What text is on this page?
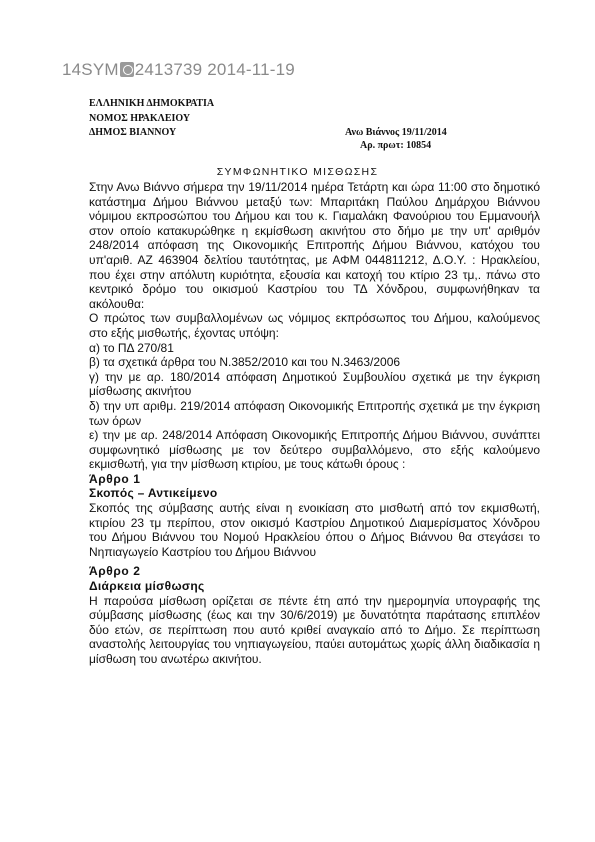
14SYM 2413739 2014-11-19
ΕΛΛΗΝΙΚΗ ΔΗΜΟΚΡΑΤΙΑ
ΝΟΜΟΣ ΗΡΑΚΛΕΙΟΥ
ΔΗΜΟΣ ΒΙΑΝΝΟΥ	Ανω Βιάννος 19/11/2014
Αρ. πρωτ: 10854
ΣΥΜΦΩΝΗΤΙΚΟ ΜΙΣΘΩΣΗΣ

Στην Ανω Βιάννο σήμερα την 19/11/2014 ημέρα Τετάρτη και ώρα 11:00 στο δημοτικό κατάστημα Δήμου Βιάννου μεταξύ των: Μπαριτάκη Παύλου Δημάρχου Βιάννου νόμιμου εκπροσώπου του Δήμου και του κ. Γιαμαλάκη Φανούριου του Εμμανουήλ στον οποίο κατακυρώθηκε η εκμίσθωση ακινήτου στο δήμο με την υπ' αριθμόν 248/2014 απόφαση της Οικονομικής Επιτροπής Δήμου Βιάννου, κατόχου του υπ'αριθ. ΑΖ 463904 δελτίου ταυτότητας, με ΑΦΜ 044811212, Δ.Ο.Υ. : Ηρακλείου, που έχει στην απόλυτη κυριότητα, εξουσία και κατοχή του κτίριο 23 τμ,. πάνω στο κεντρικό δρόμο του οικισμού Καστρίου του ΤΔ Χόνδρου, συμφωνήθηκαν τα ακόλουθα:

Ο πρώτος των συμβαλλομένων ως νόμιμος εκπρόσωπος του Δήμου, καλούμενος στο εξής μισθωτής, έχοντας υπόψη:

α) το ΠΔ 270/81

β) τα σχετικά άρθρα του Ν.3852/2010 και του Ν.3463/2006

γ) την με αρ. 180/2014 απόφαση Δημοτικού Συμβουλίου σχετικά με την έγκριση μίσθωσης ακινήτου

δ) την υπ αριθμ. 219/2014 απόφαση Οικονομικής Επιτροπής σχετικά με την έγκριση των όρων

ε) την με αρ. 248/2014 Απόφαση Οικονομικής Επιτροπής Δήμου Βιάννου, συνάπτει συμφωνητικό μίσθωσης με τον δεύτερο συμβαλλόμενο, στο εξής καλούμενο εκμισθωτή, για την μίσθωση κτιρίου, με τους κάτωθι όρους :

Άρθρο 1

Σκοπός – Αντικείμενο

Σκοπός της σύμβασης αυτής είναι η ενοικίαση στο μισθωτή από τον εκμισθωτή, κτιρίου 23 τμ περίπου, στον οικισμό Καστρίου Δημοτικού Διαμερίσματος Χόνδρου του Δήμου Βιάννου του Νομού Ηρακλείου όπου ο Δήμος Βιάννου θα στεγάσει το Νηπιαγωγείο Καστρίου του Δήμου Βιάννου

Άρθρο 2

Διάρκεια μίσθωσης

Η παρούσα μίσθωση ορίζεται σε πέντε έτη από την ημερομηνία υπογραφής της σύμβασης μίσθωσης (έως και την 30/6/2019) με δυνατότητα παράτασης επιπλέον δύο ετών, σε περίπτωση που αυτό κριθεί αναγκαίο από το Δήμο. Σε περίπτωση αναστολής λειτουργίας του νηπιαγωγείου, παύει αυτομάτως χωρίς άλλη διαδικασία η μίσθωση του ανωτέρω ακινήτου.
